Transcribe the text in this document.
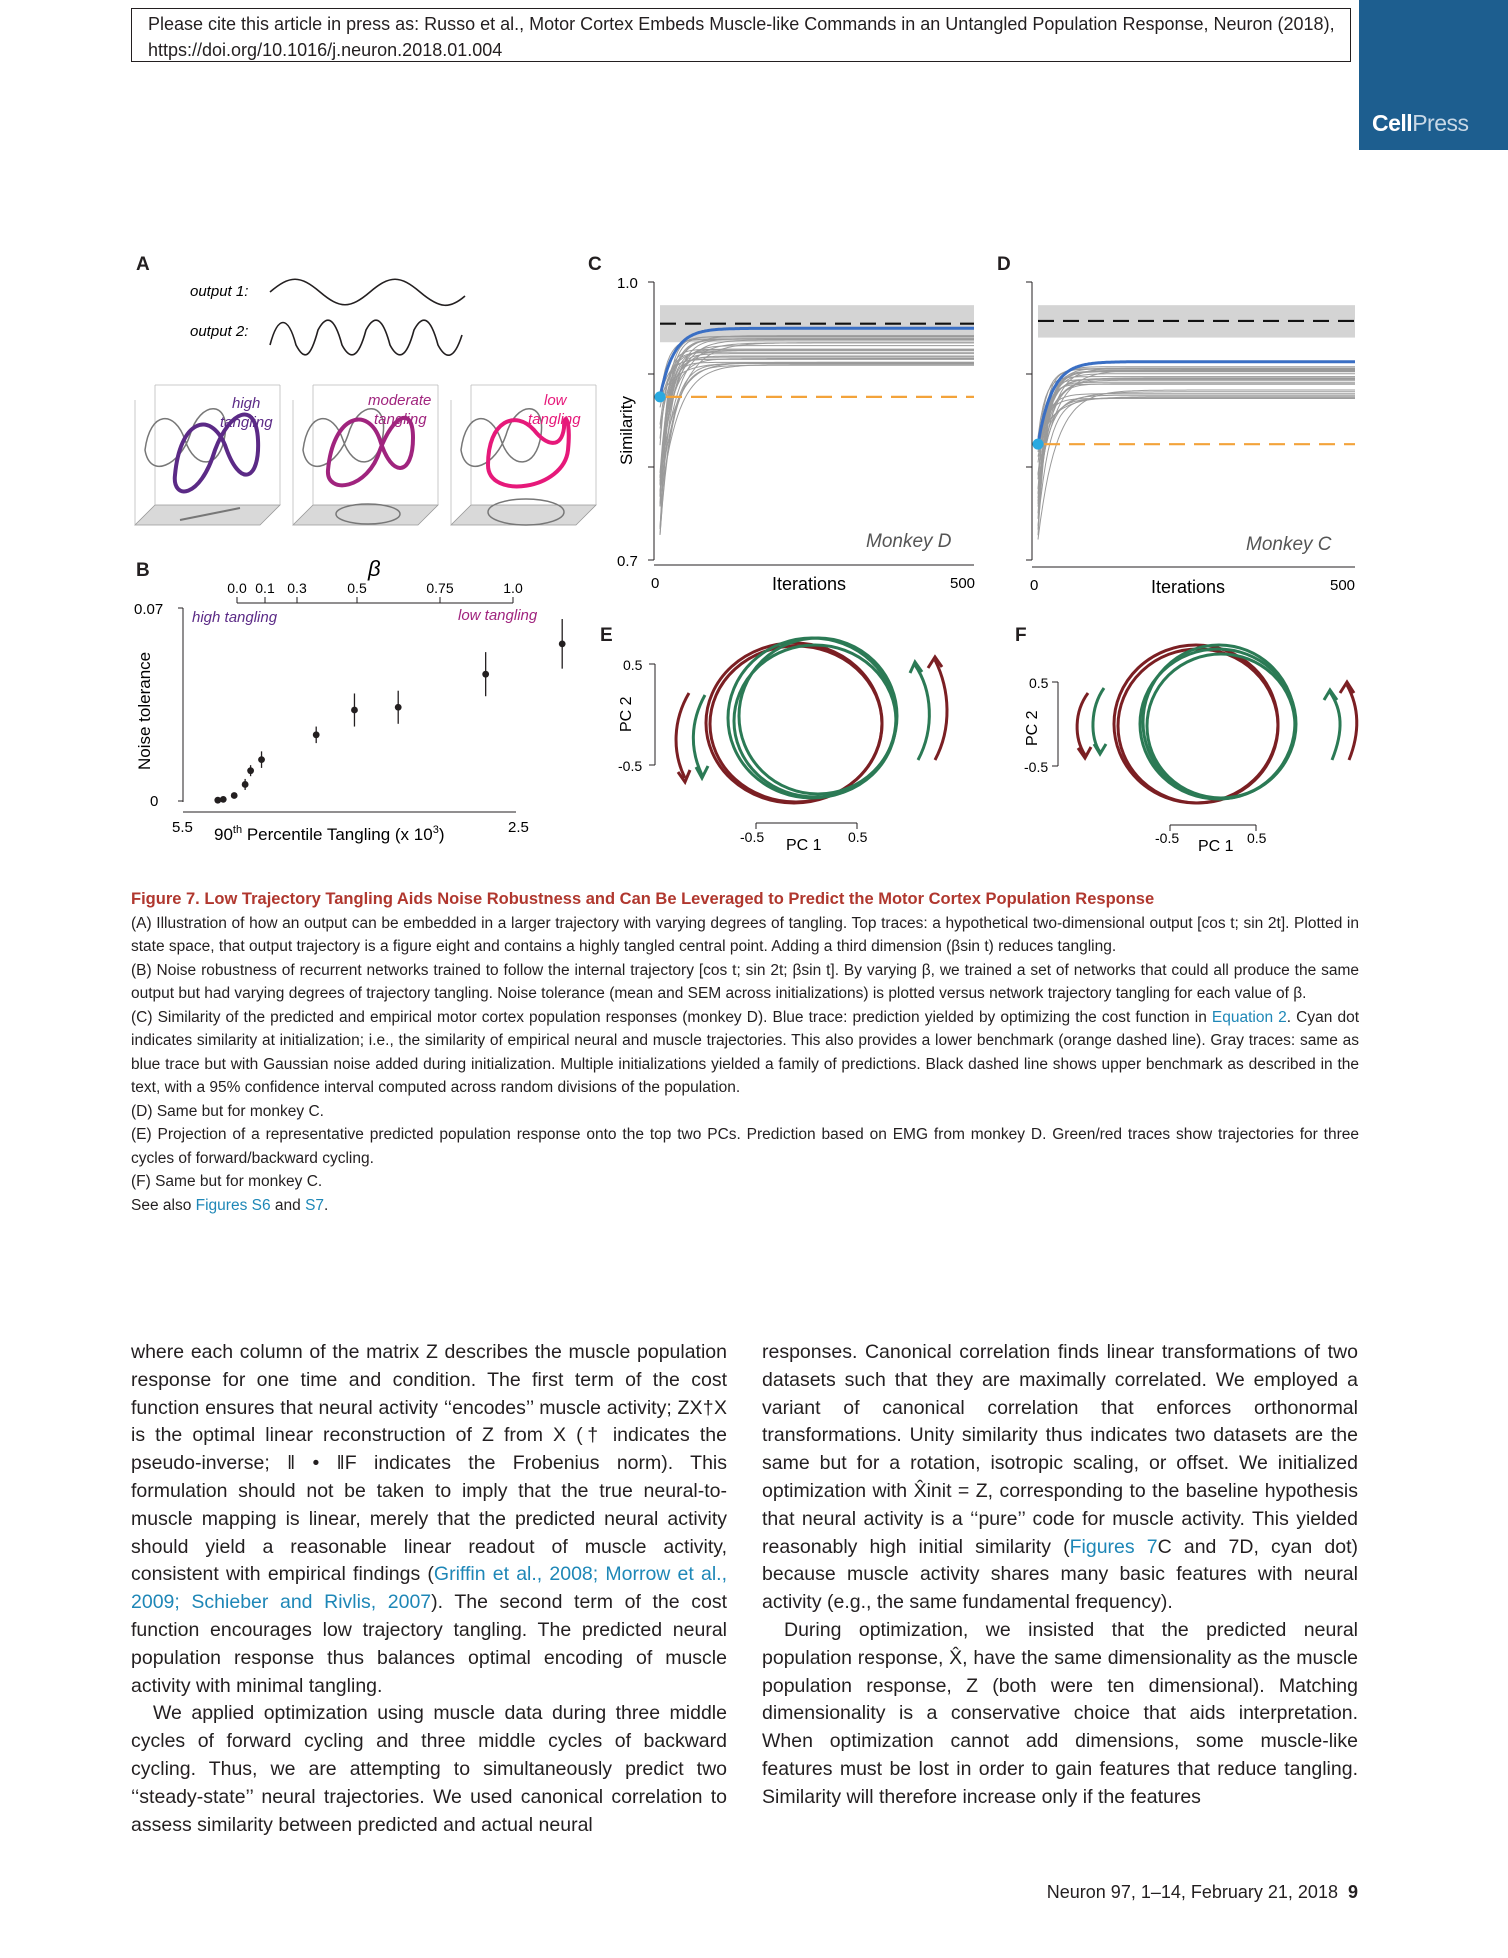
Please cite this article in press as: Russo et al., Motor Cortex Embeds Muscle-like Commands in an Untangled Population Response, Neuron (2018),
https://doi.org/10.1016/j.neuron.2018.01.004
CellPress
A
B
C	D
E	F
output 1:
output 2:
high
tangling
moderate
tangling
low
tangling
β
0.0 0.1 0.3	0.5	0.75	1.0
high tangling	low tangling
0.07
0
Noise tolerance
5.5	2.5
90th Percentile Tangling (x $10^3$)
1.0
0.7
Similarity
0	500
Iterations
Monkey D
0	500
Iterations
Monkey C
0.5
-0.5
PC 2
-0.5	0.5
PC 1
0.5
-0.5
PC 2
-0.5	0.5
PC 1

Figure 7. Low Trajectory Tangling Aids Noise Robustness and Can Be Leveraged to Predict the Motor Cortex Population Response

(A) Illustration of how an output can be embedded in a larger trajectory with varying degrees of tangling. Top traces: a hypothetical two-dimensional output [cos t; sin 2t]. Plotted in state space, that output trajectory is a figure eight and contains a highly tangled central point. Adding a third dimension (βsin t) reduces tangling.

(B) Noise robustness of recurrent networks trained to follow the internal trajectory [cos t; sin 2t; βsin t]. By varying β, we trained a set of networks that could all produce the same output but had varying degrees of trajectory tangling. Noise tolerance (mean and SEM across initializations) is plotted versus network trajectory tangling for each value of β.

(C) Similarity of the predicted and empirical motor cortex population responses (monkey D). Blue trace: prediction yielded by optimizing the cost function in Equation 2. Cyan dot indicates similarity at initialization; i.e., the similarity of empirical neural and muscle trajectories. This also provides a lower benchmark (orange dashed line). Gray traces: same as blue trace but with Gaussian noise added during initialization. Multiple initializations yielded a family of predictions. Black dashed line shows upper benchmark as described in the text, with a 95% confidence interval computed across random divisions of the population.

(D) Same but for monkey C.

(E) Projection of a representative predicted population response onto the top two PCs. Prediction based on EMG from monkey D. Green/red traces show trajectories for three cycles of forward/backward cycling.

(F) Same but for monkey C.

See also Figures S6 and S7.

where each column of the matrix Z describes the muscle population response for one time and condition. The first term of the cost function ensures that neural activity ‘‘encodes’’ muscle activity; ZX†X is the optimal linear reconstruction of Z from X († indicates the pseudo-inverse; ‖ • ‖F indicates the Frobenius norm). This formulation should not be taken to imply that the true neural-to-muscle mapping is linear, merely that the predicted neural activity should yield a reasonable linear readout of muscle activity, consistent with empirical findings (Griffin et al., 2008; Morrow et al., 2009; Schieber and Rivlis, 2007). The second term of the cost function encourages low trajectory tangling. The predicted neural population response thus balances optimal encoding of muscle activity with minimal tangling.

We applied optimization using muscle data during three middle cycles of forward cycling and three middle cycles of backward cycling. Thus, we are attempting to simultaneously predict two ‘‘steady-state’’ neural trajectories. We used canonical correlation to assess similarity between predicted and actual neural

responses. Canonical correlation finds linear transformations of two datasets such that they are maximally correlated. We employed a variant of canonical correlation that enforces orthonormal transformations. Unity similarity thus indicates two datasets are the same but for a rotation, isotropic scaling, or offset. We initialized optimization with X̂init = Z, corresponding to the baseline hypothesis that neural activity is a ‘‘pure’’ code for muscle activity. This yielded reasonably high initial similarity (Figures 7C and 7D, cyan dot) because muscle activity shares many basic features with neural activity (e.g., the same fundamental frequency).

During optimization, we insisted that the predicted neural population response, X̂, have the same dimensionality as the muscle population response, Z (both were ten dimensional). Matching dimensionality is a conservative choice that aids interpretation. When optimization cannot add dimensions, some muscle-like features must be lost in order to gain features that reduce tangling. Similarity will therefore increase only if the features

Neuron 97, 1–14, February 21, 2018 9
